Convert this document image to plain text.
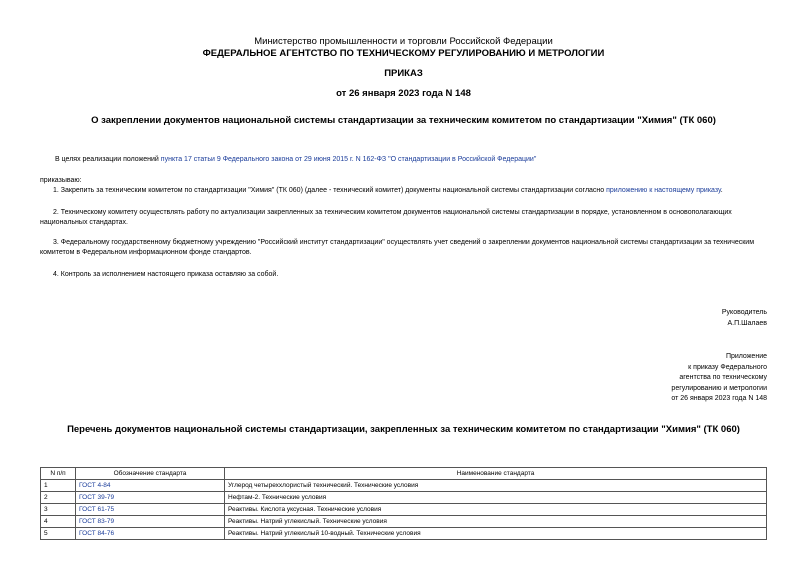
Министерство промышленности и торговли Российской Федерации
ФЕДЕРАЛЬНОЕ АГЕНТСТВО ПО ТЕХНИЧЕСКОМУ РЕГУЛИРОВАНИЮ И МЕТРОЛОГИИ
ПРИКАЗ
от 26 января 2023 года N 148
О закреплении документов национальной системы стандартизации за техническим комитетом по стандартизации "Химия" (ТК 060)
В целях реализации положений пункта 17 статьи 9 Федерального закона от 29 июня 2015 г. N 162-ФЗ "О стандартизации в Российской Федерации"
приказываю:
1. Закрепить за техническим комитетом по стандартизации "Химия" (ТК 060) (далее - технический комитет) документы национальной системы стандартизации согласно приложению к настоящему приказу.
2. Техническому комитету осуществлять работу по актуализации закрепленных за техническим комитетом документов национальной системы стандартизации в порядке, установленном в основополагающих национальных стандартах.
3. Федеральному государственному бюджетному учреждению "Российский институт стандартизации" осуществлять учет сведений о закреплении документов национальной системы стандартизации за техническим комитетом в Федеральном информационном фонде стандартов.
4. Контроль за исполнением настоящего приказа оставляю за собой.
Руководитель
А.П.Шалаев
Приложение
к приказу Федерального
агентства по техническому
регулированию и метрологии
от 26 января 2023 года N 148
Перечень документов национальной системы стандартизации, закрепленных за техническим комитетом по стандартизации "Химия" (ТК 060)
N п/п	Обозначение стандарта	Наименование стандарта
1	ГОСТ 4-84	Углерод четыреххлористый технический. Технические условия
2	ГОСТ 39-79	Нефтам-2. Технические условия
3	ГОСТ 61-75	Реактивы. Кислота уксусная. Технические условия
4	ГОСТ 83-79	Реактивы. Натрий углекислый. Технические условия
5	ГОСТ 84-76	Реактивы. Натрий углекислый 10-водный. Технические условия
